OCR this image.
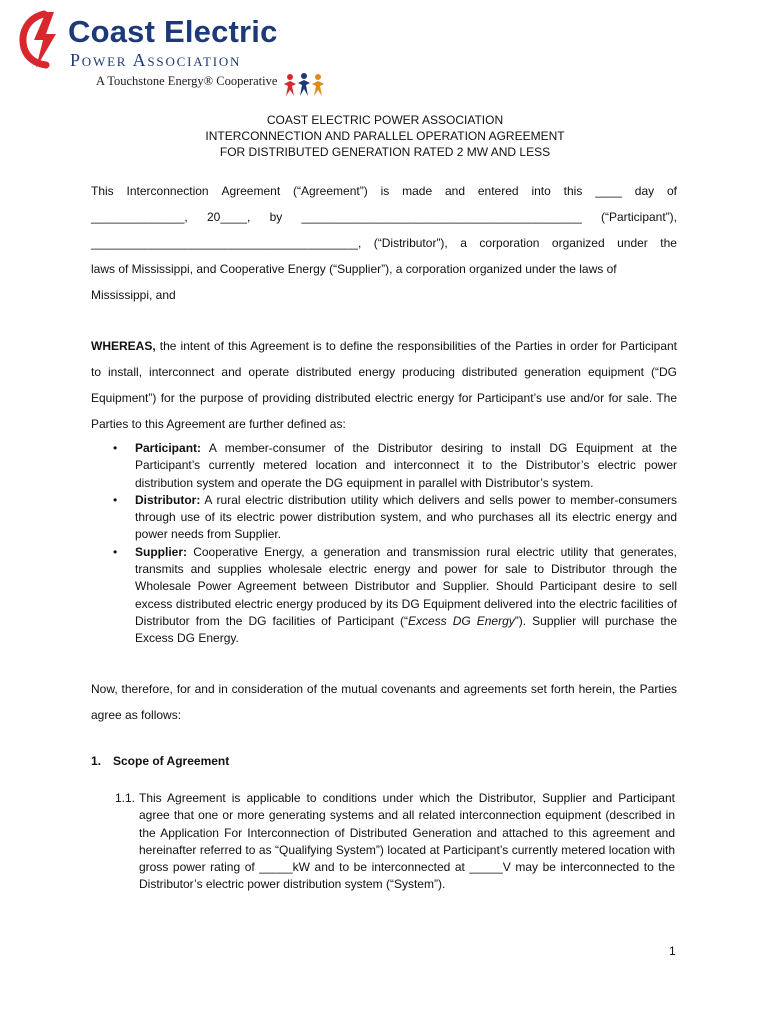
Coast Electric
Power Association
A Touchstone Energy® Cooperative
COAST ELECTRIC POWER ASSOCIATION
INTERCONNECTION AND PARALLEL OPERATION AGREEMENT
FOR DISTRIBUTED GENERATION RATED 2 MW AND LESS
This Interconnection Agreement (“Agreement”) is made and entered into this ____ day of
______________, 20____, by __________________________________________ (“Participant”),
________________________________________, (“Distributor”), a corporation organized under the
laws of Mississippi, and Cooperative Energy (“Supplier”), a corporation organized under the laws of
Mississippi, and
WHEREAS, the intent of this Agreement is to define the responsibilities of the Parties in order for Participant to install, interconnect and operate distributed energy producing distributed generation equipment (“DG Equipment”) for the purpose of providing distributed electric energy for Participant’s use and/or for sale. The Parties to this Agreement are further defined as:
• Participant: A member-consumer of the Distributor desiring to install DG Equipment at the Participant’s currently metered location and interconnect it to the Distributor’s electric power distribution system and operate the DG equipment in parallel with Distributor’s system.
• Distributor: A rural electric distribution utility which delivers and sells power to member-consumers through use of its electric power distribution system, and who purchases all its electric energy and power needs from Supplier.
• Supplier: Cooperative Energy, a generation and transmission rural electric utility that generates, transmits and supplies wholesale electric energy and power for sale to Distributor through the Wholesale Power Agreement between Distributor and Supplier. Should Participant desire to sell excess distributed electric energy produced by its DG Equipment delivered into the electric facilities of Distributor from the DG facilities of Participant (“Excess DG Energy”). Supplier will purchase the Excess DG Energy.
Now, therefore, for and in consideration of the mutual covenants and agreements set forth herein, the Parties agree as follows:
1. Scope of Agreement
1.1. This Agreement is applicable to conditions under which the Distributor, Supplier and Participant agree that one or more generating systems and all related interconnection equipment (described in the Application For Interconnection of Distributed Generation and attached to this agreement and hereinafter referred to as “Qualifying System”) located at Participant’s currently metered location with gross power rating of _____kW and to be interconnected at _____V may be interconnected to the Distributor’s electric power distribution system (“System”).
1
